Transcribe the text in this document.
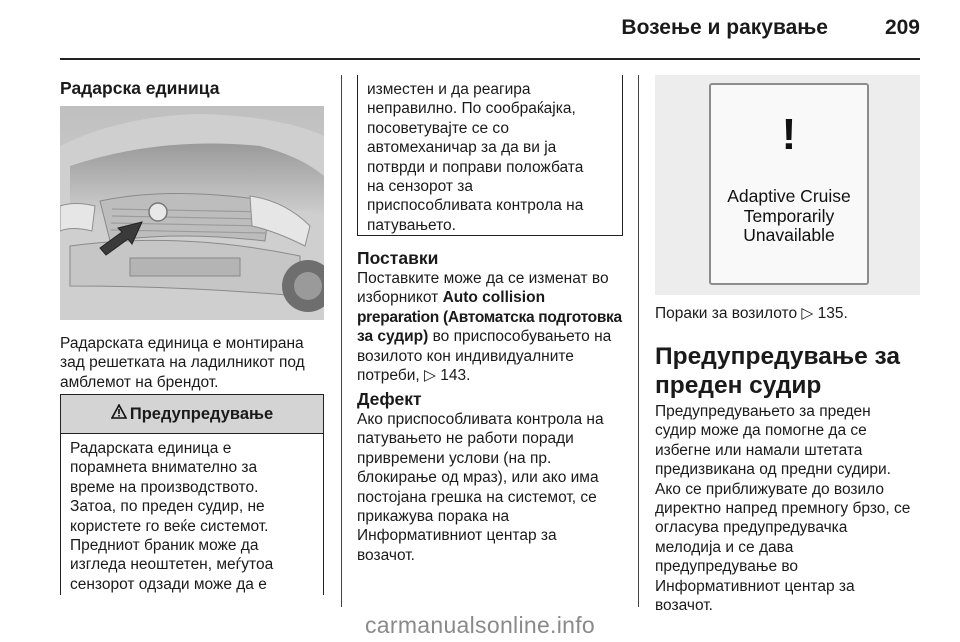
Возење и ракување	209
Радарска единица

Радарската единица е монтирана

зад решетката на ладилникот под

амблемот на брендот.

Предупредување

Радарската единица е

порамнета внимателно за

време на производството.

Затоа, по преден судир, не

користете го веќе системот.

Предниот браник може да

изгледа неоштетен, меѓутоа

сензорот одзади може да е

изместен и да реагира

неправилно. По сообраќајка,

посоветувајте се со

автомеханичар за да ви ја

потврди и поправи положбата

на сензорот за

приспособливата контрола на

патувањето.

Поставки

Поставките може да се изменат во

изборникот Auto collision

preparation (Автоматска подготовка

за судир) во приспособувањето на

возилото кон индивидуалните

потреби, ▷ 143.

Дефект

Ако приспособливата контрола на

патувањето не работи поради

привремени услови (на пр.

блокирање од мраз), или ако има

постојана грешка на системот, се

прикажува порака на

Информативниот центар за

возачот.

!
Adaptive Cruise
Temporarily
Unavailable

Пораки за возилото ▷ 135.

Предупредување за

преден судир

Предупредувањето за преден

судир може да помогне да се

избегне или намали штетата

предизвикана од предни судири.

Ако се приближувате до возило

директно напред премногу брзо, се

огласува предупредувачка

мелодија и се дава

предупредување во

Информативниот центар за

возачот.

carmanualsonline.info
